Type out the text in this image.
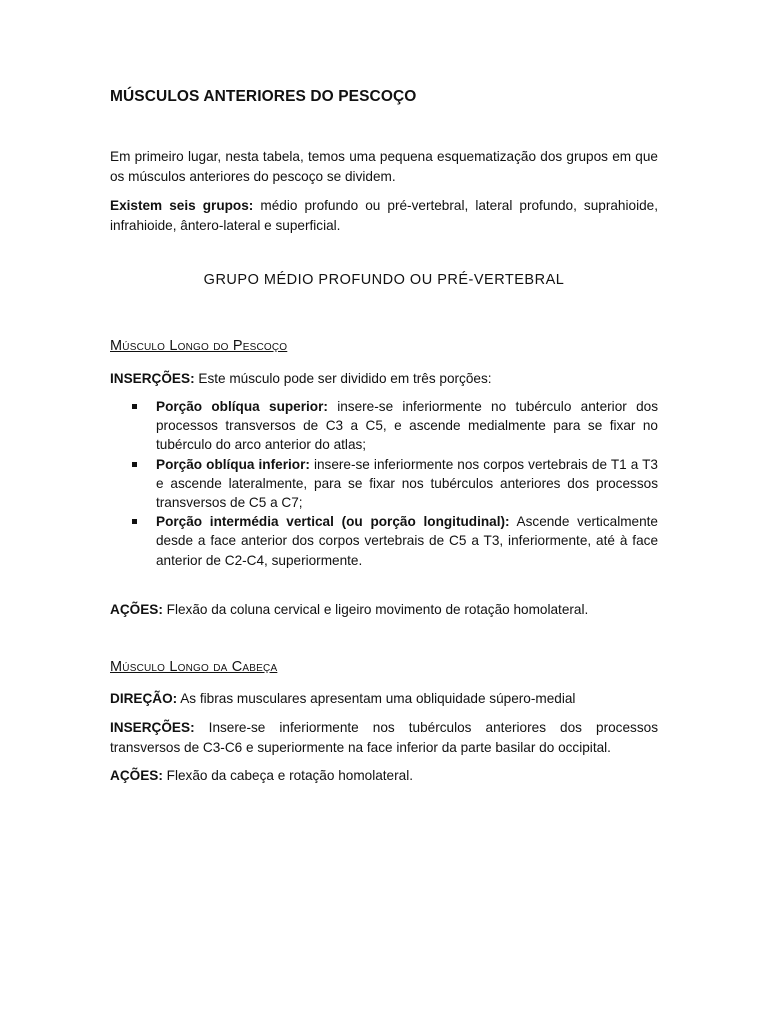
MÚSCULOS ANTERIORES DO PESCOÇO
Em primeiro lugar, nesta tabela, temos uma pequena esquematização dos grupos em que os músculos anteriores do pescoço se dividem.
Existem seis grupos: médio profundo ou pré-vertebral, lateral profundo, suprahioide, infrahioide, ântero-lateral e superficial.
GRUPO MÉDIO PROFUNDO OU PRÉ-VERTEBRAL
Músculo Longo do Pescoço
INSERÇÕES: Este músculo pode ser dividido em três porções:
Porção oblíqua superior: insere-se inferiormente no tubérculo anterior dos processos transversos de C3 a C5, e ascende medialmente para se fixar no tubérculo do arco anterior do atlas;
Porção oblíqua inferior: insere-se inferiormente nos corpos vertebrais de T1 a T3 e ascende lateralmente, para se fixar nos tubérculos anteriores dos processos transversos de C5 a C7;
Porção intermédia vertical (ou porção longitudinal): Ascende verticalmente desde a face anterior dos corpos vertebrais de C5 a T3, inferiormente, até à face anterior de C2-C4, superiormente.
AÇÕES: Flexão da coluna cervical e ligeiro movimento de rotação homolateral.
Músculo Longo da Cabeça
DIREÇÃO: As fibras musculares apresentam uma obliquidade súpero-medial
INSERÇÕES: Insere-se inferiormente nos tubérculos anteriores dos processos transversos de C3-C6 e superiormente na face inferior da parte basilar do occipital.
AÇÕES: Flexão da cabeça e rotação homolateral.
